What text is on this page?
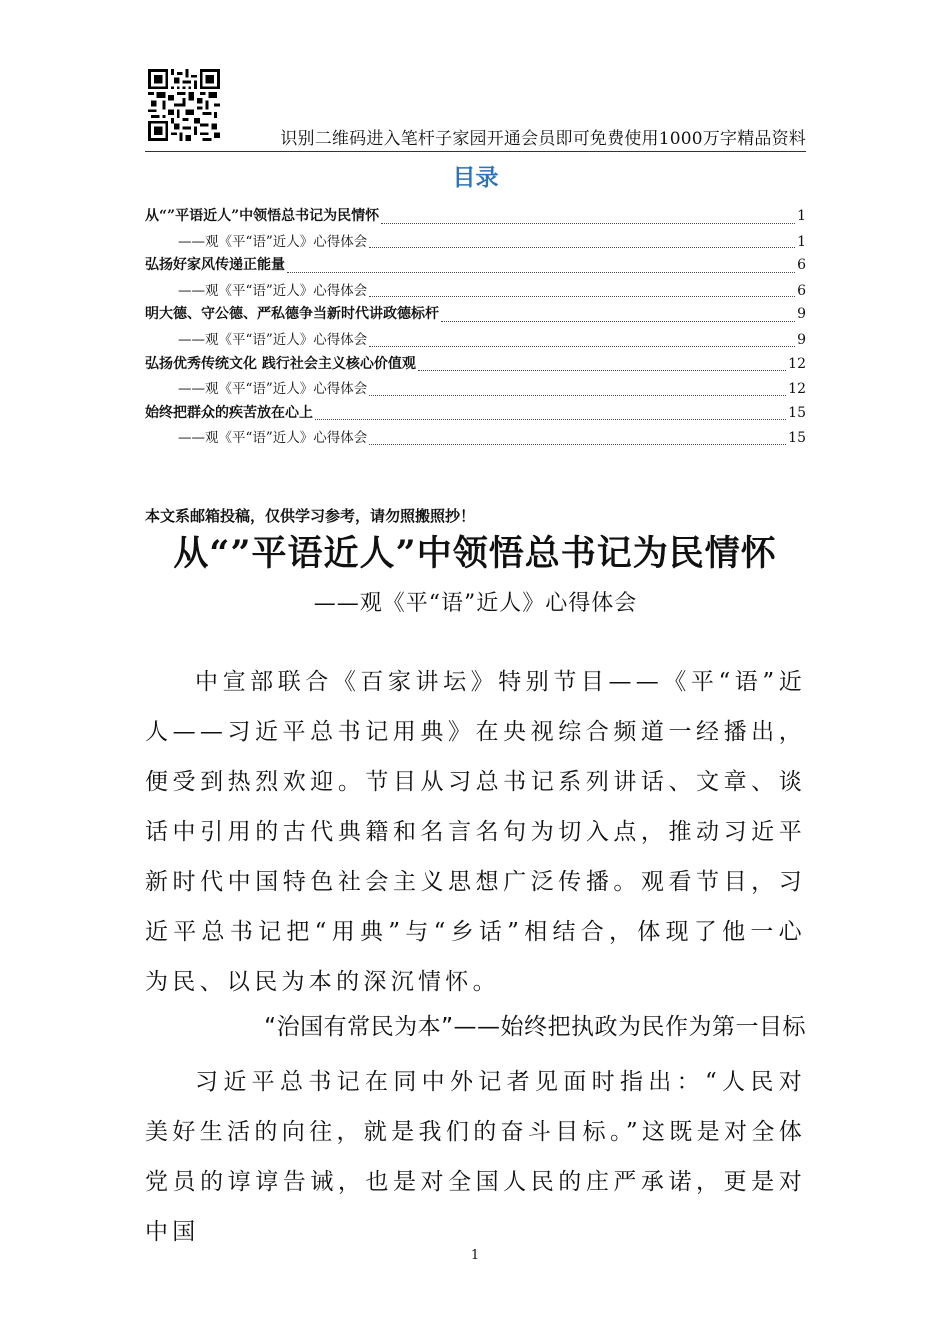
识别二维码进入笔杆子家园开通会员即可免费使用1000万字精品资料
目录
从“”平语近人”中领悟总书记为民情怀	1
——观《平“语”近人》心得体会	1
弘扬好家风传递正能量	6
——观《平“语”近人》心得体会	6
明大德、守公德、严私德争当新时代讲政德标杆	9
——观《平“语”近人》心得体会	9
弘扬优秀传统文化 践行社会主义核心价值观	12
——观《平“语”近人》心得体会	12
始终把群众的疾苦放在心上	15
——观《平“语”近人》心得体会	15
本文系邮箱投稿，仅供学习参考，请勿照搬照抄！
从“”平语近人”中领悟总书记为民情怀
——观《平“语”近人》心得体会
中宣部联合《百家讲坛》特别节目——《平“语”近人——习近平总书记用典》在央视综合频道一经播出，便受到热烈欢迎。节目从习总书记系列讲话、文章、谈话中引用的古代典籍和名言名句为切入点，推动习近平新时代中国特色社会主义思想广泛传播。观看节目，习近平总书记把“用典”与“乡话”相结合，体现了他一心为民、以民为本的深沉情怀。
“治国有常民为本”——始终把执政为民作为第一目标
习近平总书记在同中外记者见面时指出：“人民对美好生活的向往，就是我们的奋斗目标。”这既是对全体党员的谆谆告诫，也是对全国人民的庄严承诺，更是对中国
1
